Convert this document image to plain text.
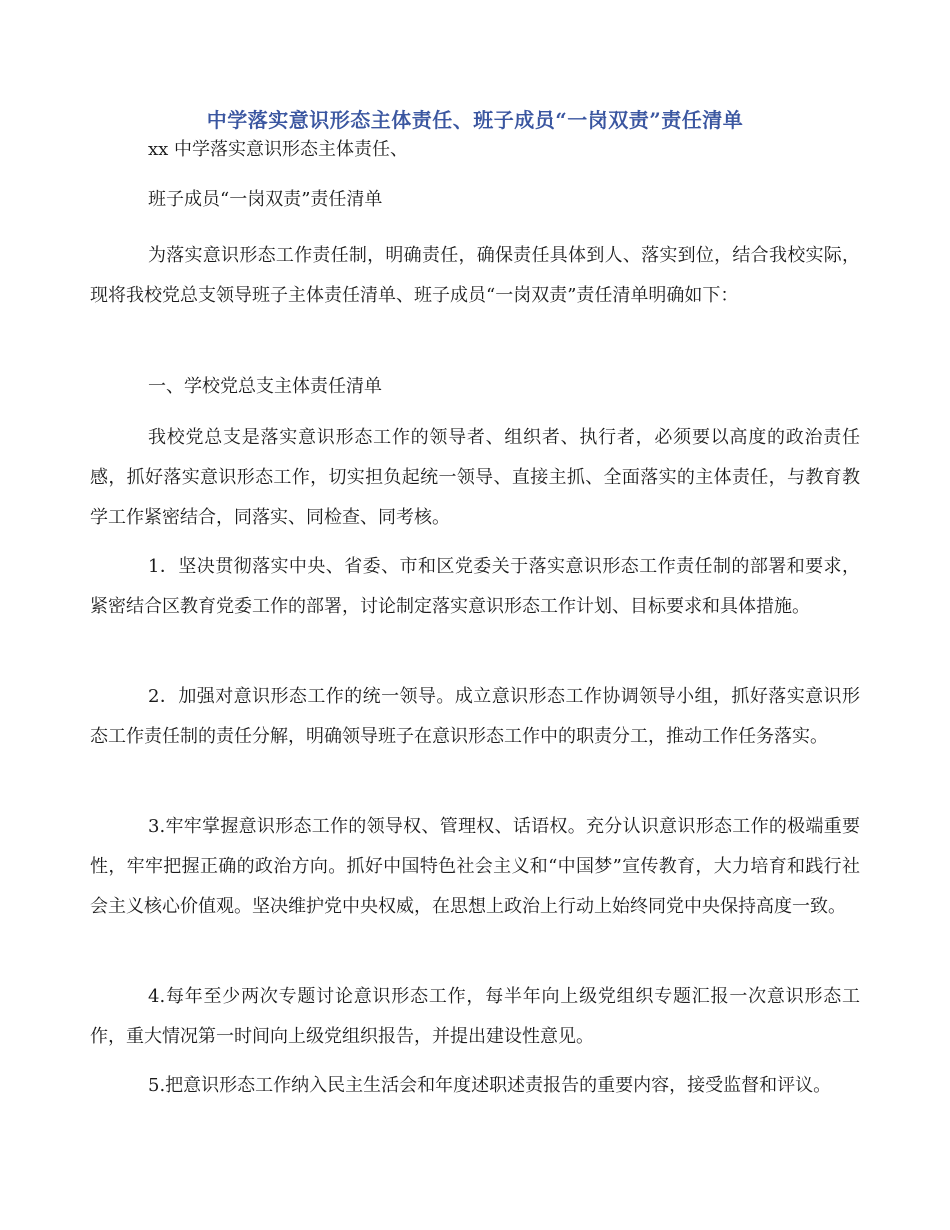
中学落实意识形态主体责任、班子成员“一岗双责”责任清单
xx 中学落实意识形态主体责任、
班子成员“一岗双责”责任清单
为落实意识形态工作责任制，明确责任，确保责任具体到人、落实到位，结合我校实际，现将我校党总支领导班子主体责任清单、班子成员“一岗双责”责任清单明确如下：
一、学校党总支主体责任清单
我校党总支是落实意识形态工作的领导者、组织者、执行者，必须要以高度的政治责任感，抓好落实意识形态工作，切实担负起统一领导、直接主抓、全面落实的主体责任，与教育教学工作紧密结合，同落实、同检查、同考核。
1．坚决贯彻落实中央、省委、市和区党委关于落实意识形态工作责任制的部署和要求，紧密结合区教育党委工作的部署，讨论制定落实意识形态工作计划、目标要求和具体措施。
2．加强对意识形态工作的统一领导。成立意识形态工作协调领导小组，抓好落实意识形态工作责任制的责任分解，明确领导班子在意识形态工作中的职责分工，推动工作任务落实。
3.牢牢掌握意识形态工作的领导权、管理权、话语权。充分认识意识形态工作的极端重要性，牢牢把握正确的政治方向。抓好中国特色社会主义和“中国梦”宣传教育，大力培育和践行社会主义核心价值观。坚决维护党中央权威，在思想上政治上行动上始终同党中央保持高度一致。
4.每年至少两次专题讨论意识形态工作，每半年向上级党组织专题汇报一次意识形态工作，重大情况第一时间向上级党组织报告，并提出建设性意见。
5.把意识形态工作纳入民主生活会和年度述职述责报告的重要内容，接受监督和评议。
